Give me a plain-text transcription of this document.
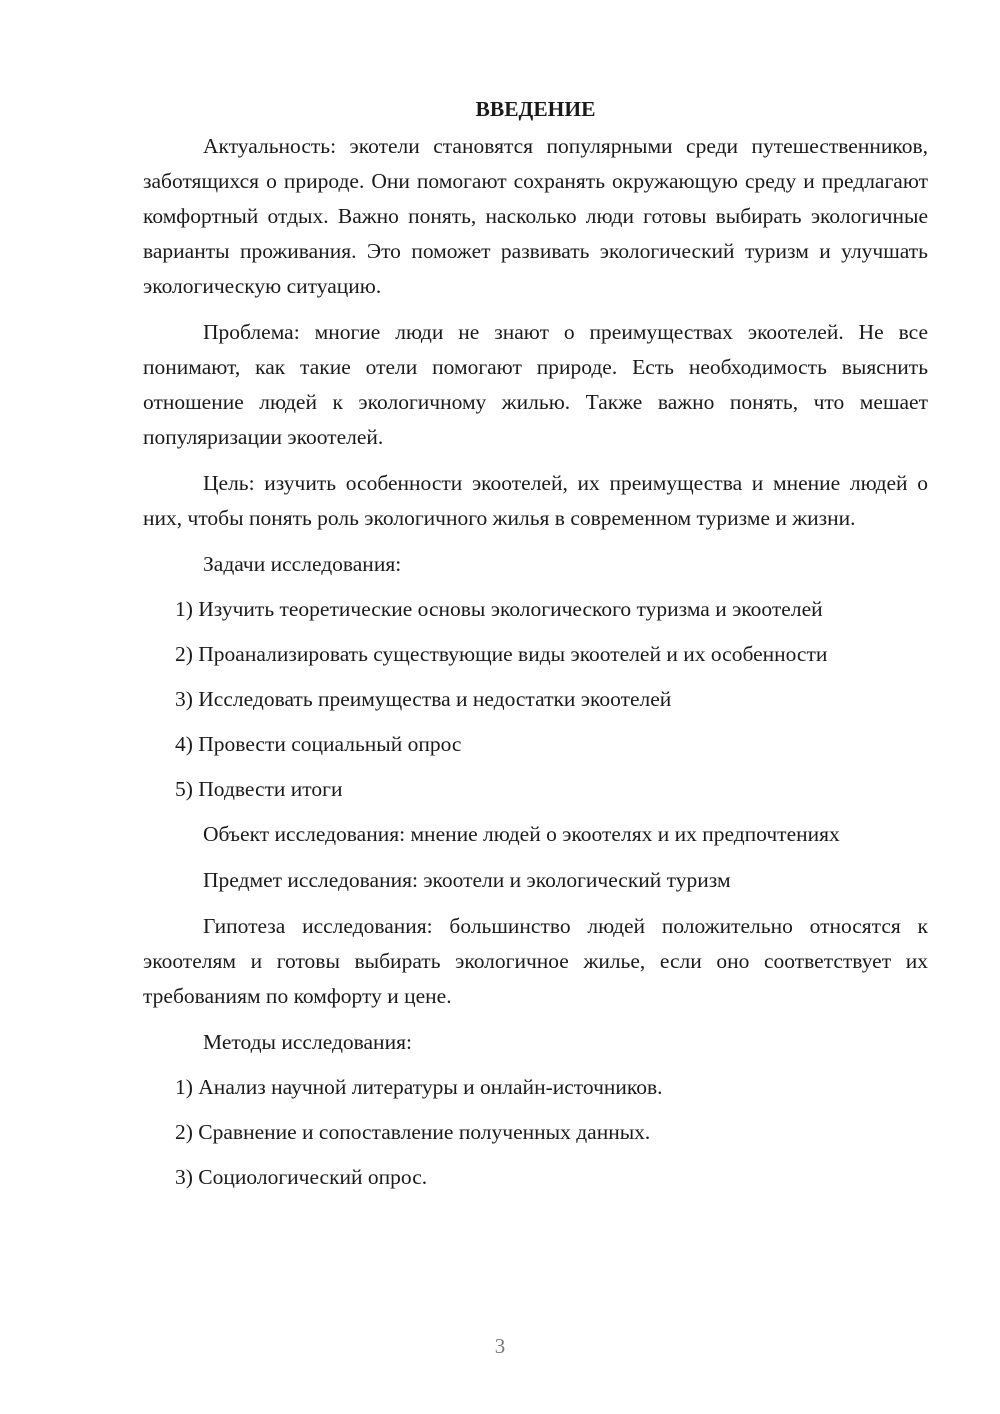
ВВЕДЕНИЕ

Актуальность: экотели становятся популярными среди путешественников, заботящихся о природе. Они помогают сохранять окружающую среду и предлагают комфортный отдых. Важно понять, насколько люди готовы выбирать экологичные варианты проживания. Это поможет развивать экологический туризм и улучшать экологическую ситуацию.

Проблема: многие люди не знают о преимуществах экоотелей. Не все понимают, как такие отели помогают природе. Есть необходимость выяснить отношение людей к экологичному жилью. Также важно понять, что мешает популяризации экоотелей.

Цель: изучить особенности экоотелей, их преимущества и мнение людей о них, чтобы понять роль экологичного жилья в современном туризме и жизни.

Задачи исследования:

1) Изучить теоретические основы экологического туризма и экоотелей

2) Проанализировать существующие виды экоотелей и их особенности

3) Исследовать преимущества и недостатки экоотелей

4) Провести социальный опрос

5) Подвести итоги

Объект исследования: мнение людей о экоотелях и их предпочтениях

Предмет исследования: экоотели и экологический туризм

Гипотеза исследования: большинство людей положительно относятся к экоотелям и готовы выбирать экологичное жилье, если оно соответствует их требованиям по комфорту и цене.

Методы исследования:

1) Анализ научной литературы и онлайн-источников.

2) Сравнение и сопоставление полученных данных.

3) Социологический опрос.

3
